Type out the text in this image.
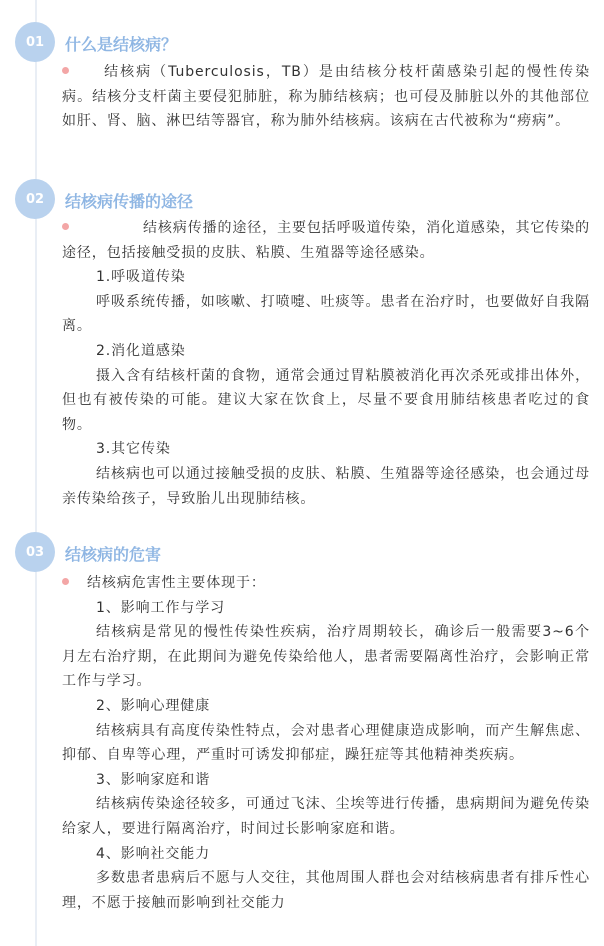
01	什么是结核病？

结核病（Tuberculosis，TB）是由结核分枝杆菌感染引起的慢性传染病。结核分支杆菌主要侵犯肺脏，称为肺结核病；也可侵及肺脏以外的其他部位如肝、肾、脑、淋巴结等器官，称为肺外结核病。该病在古代被称为“痨病”。

02	结核病传播的途径

结核病传播的途径，主要包括呼吸道传染，消化道感染，其它传染的途径，包括接触受损的皮肤、粘膜、生殖器等途径感染。

1.呼吸道传染

呼吸系统传播，如咳嗽、打喷嚏、吐痰等。患者在治疗时，也要做好自我隔离。

2.消化道感染

摄入含有结核杆菌的食物，通常会通过胃粘膜被消化再次杀死或排出体外，但也有被传染的可能。建议大家在饮食上，尽量不要食用肺结核患者吃过的食物。

3.其它传染

结核病也可以通过接触受损的皮肤、粘膜、生殖器等途径感染，也会通过母亲传染给孩子，导致胎儿出现肺结核。

03	结核病的危害

结核病危害性主要体现于：

1、影响工作与学习

结核病是常见的慢性传染性疾病，治疗周期较长，确诊后一般需要3~6个月左右治疗期，在此期间为避免传染给他人，患者需要隔离性治疗，会影响正常工作与学习。

2、影响心理健康

结核病具有高度传染性特点，会对患者心理健康造成影响，而产生解焦虑、抑郁、自卑等心理，严重时可诱发抑郁症，躁狂症等其他精神类疾病。

3、影响家庭和谐

结核病传染途径较多，可通过飞沫、尘埃等进行传播，患病期间为避免传染给家人，要进行隔离治疗，时间过长影响家庭和谐。

4、影响社交能力

多数患者患病后不愿与人交往，其他周围人群也会对结核病患者有排斥性心理，不愿于接触而影响到社交能力
